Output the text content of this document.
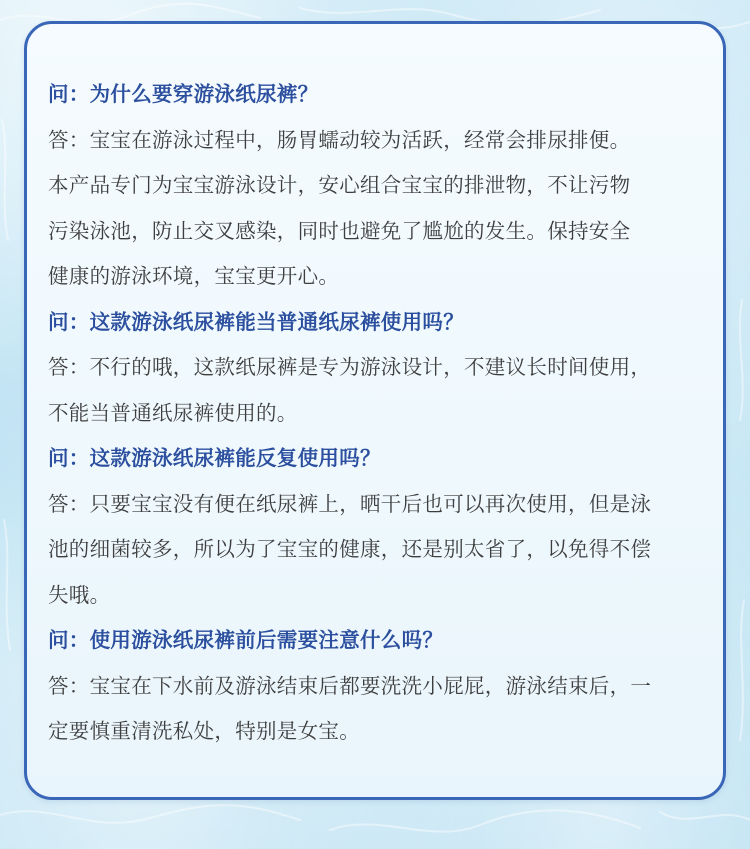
问：为什么要穿游泳纸尿裤？

答：宝宝在游泳过程中，肠胃蠕动较为活跃，经常会排尿排便。

本产品专门为宝宝游泳设计，安心组合宝宝的排泄物，不让污物

污染泳池，防止交叉感染，同时也避免了尴尬的发生。保持安全

健康的游泳环境，宝宝更开心。

问：这款游泳纸尿裤能当普通纸尿裤使用吗？

答：不行的哦，这款纸尿裤是专为游泳设计，不建议长时间使用，

不能当普通纸尿裤使用的。

问：这款游泳纸尿裤能反复使用吗？

答：只要宝宝没有便在纸尿裤上，晒干后也可以再次使用，但是泳

池的细菌较多，所以为了宝宝的健康，还是别太省了，以免得不偿

失哦。

问：使用游泳纸尿裤前后需要注意什么吗？

答：宝宝在下水前及游泳结束后都要洗洗小屁屁，游泳结束后，一

定要慎重清洗私处，特别是女宝。
